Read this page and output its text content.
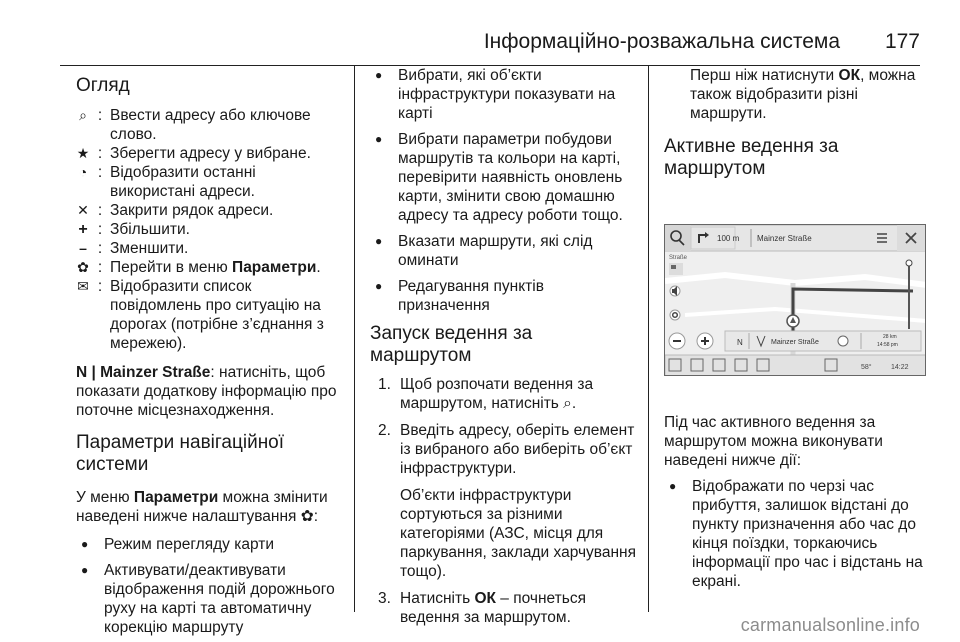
Інформаційно-розважальна система 177
Огляд
⌕ : Ввести адресу або ключове слово.
★ : Зберегти адресу у вибране.
◔ : Відобразити останні використані адреси.
✕ : Закрити рядок адреси.
+ : Збільшити.
– : Зменшити.
✿ : Перейти в меню Параметри.
✉ : Відобразити список повідомлень про ситуацію на дорогах (потрібне з’єднання з мережею).

N | Mainzer Straße: натисніть, щоб показати додаткову інформацію про поточне місцезнаходження.

Параметри навігаційної системи

У меню Параметри можна змінити наведені нижче налаштування ✿:

● Режим перегляду карти
● Активувати/деактивувати відображення подій дорожнього руху на карті та автоматичну корекцію маршруту
● Вибрати, які об’єкти інфраструктури показувати на карті
● Вибрати параметри побудови маршрутів та кольори на карті, перевірити наявність оновлень карти, змінити свою домашню адресу та адресу роботи тощо.
● Вказати маршрути, які слід оминати
● Редагування пунктів призначення
Запуск ведення за маршрутом
1. Щоб розпочати ведення за маршрутом, натисніть ⌕.

2. Введіть адресу, оберіть елемент із вибраного або виберіть об’єкт інфраструктури.

Об’єкти інфраструктури сортуються за різними категоріями (АЗС, місця для паркування, заклади харчування тощо).

3. Натисніть ОК – почнеться ведення за маршрутом.

Перш ніж натиснути ОК, можна також відобразити різні маршрути.

Активне ведення за маршрутом
100 m Mainzer Straße
Straße
N	Mainzer Straße
28 km
14:58 pm
58°	14:22

Під час активного ведення за маршрутом можна виконувати наведені нижче дії:

● Відображати по черзі час прибуття, залишок відстані до пункту призначення або час до кінця поїздки, торкаючись інформації про час і відстань на екрані.
carmanualsonline.info
